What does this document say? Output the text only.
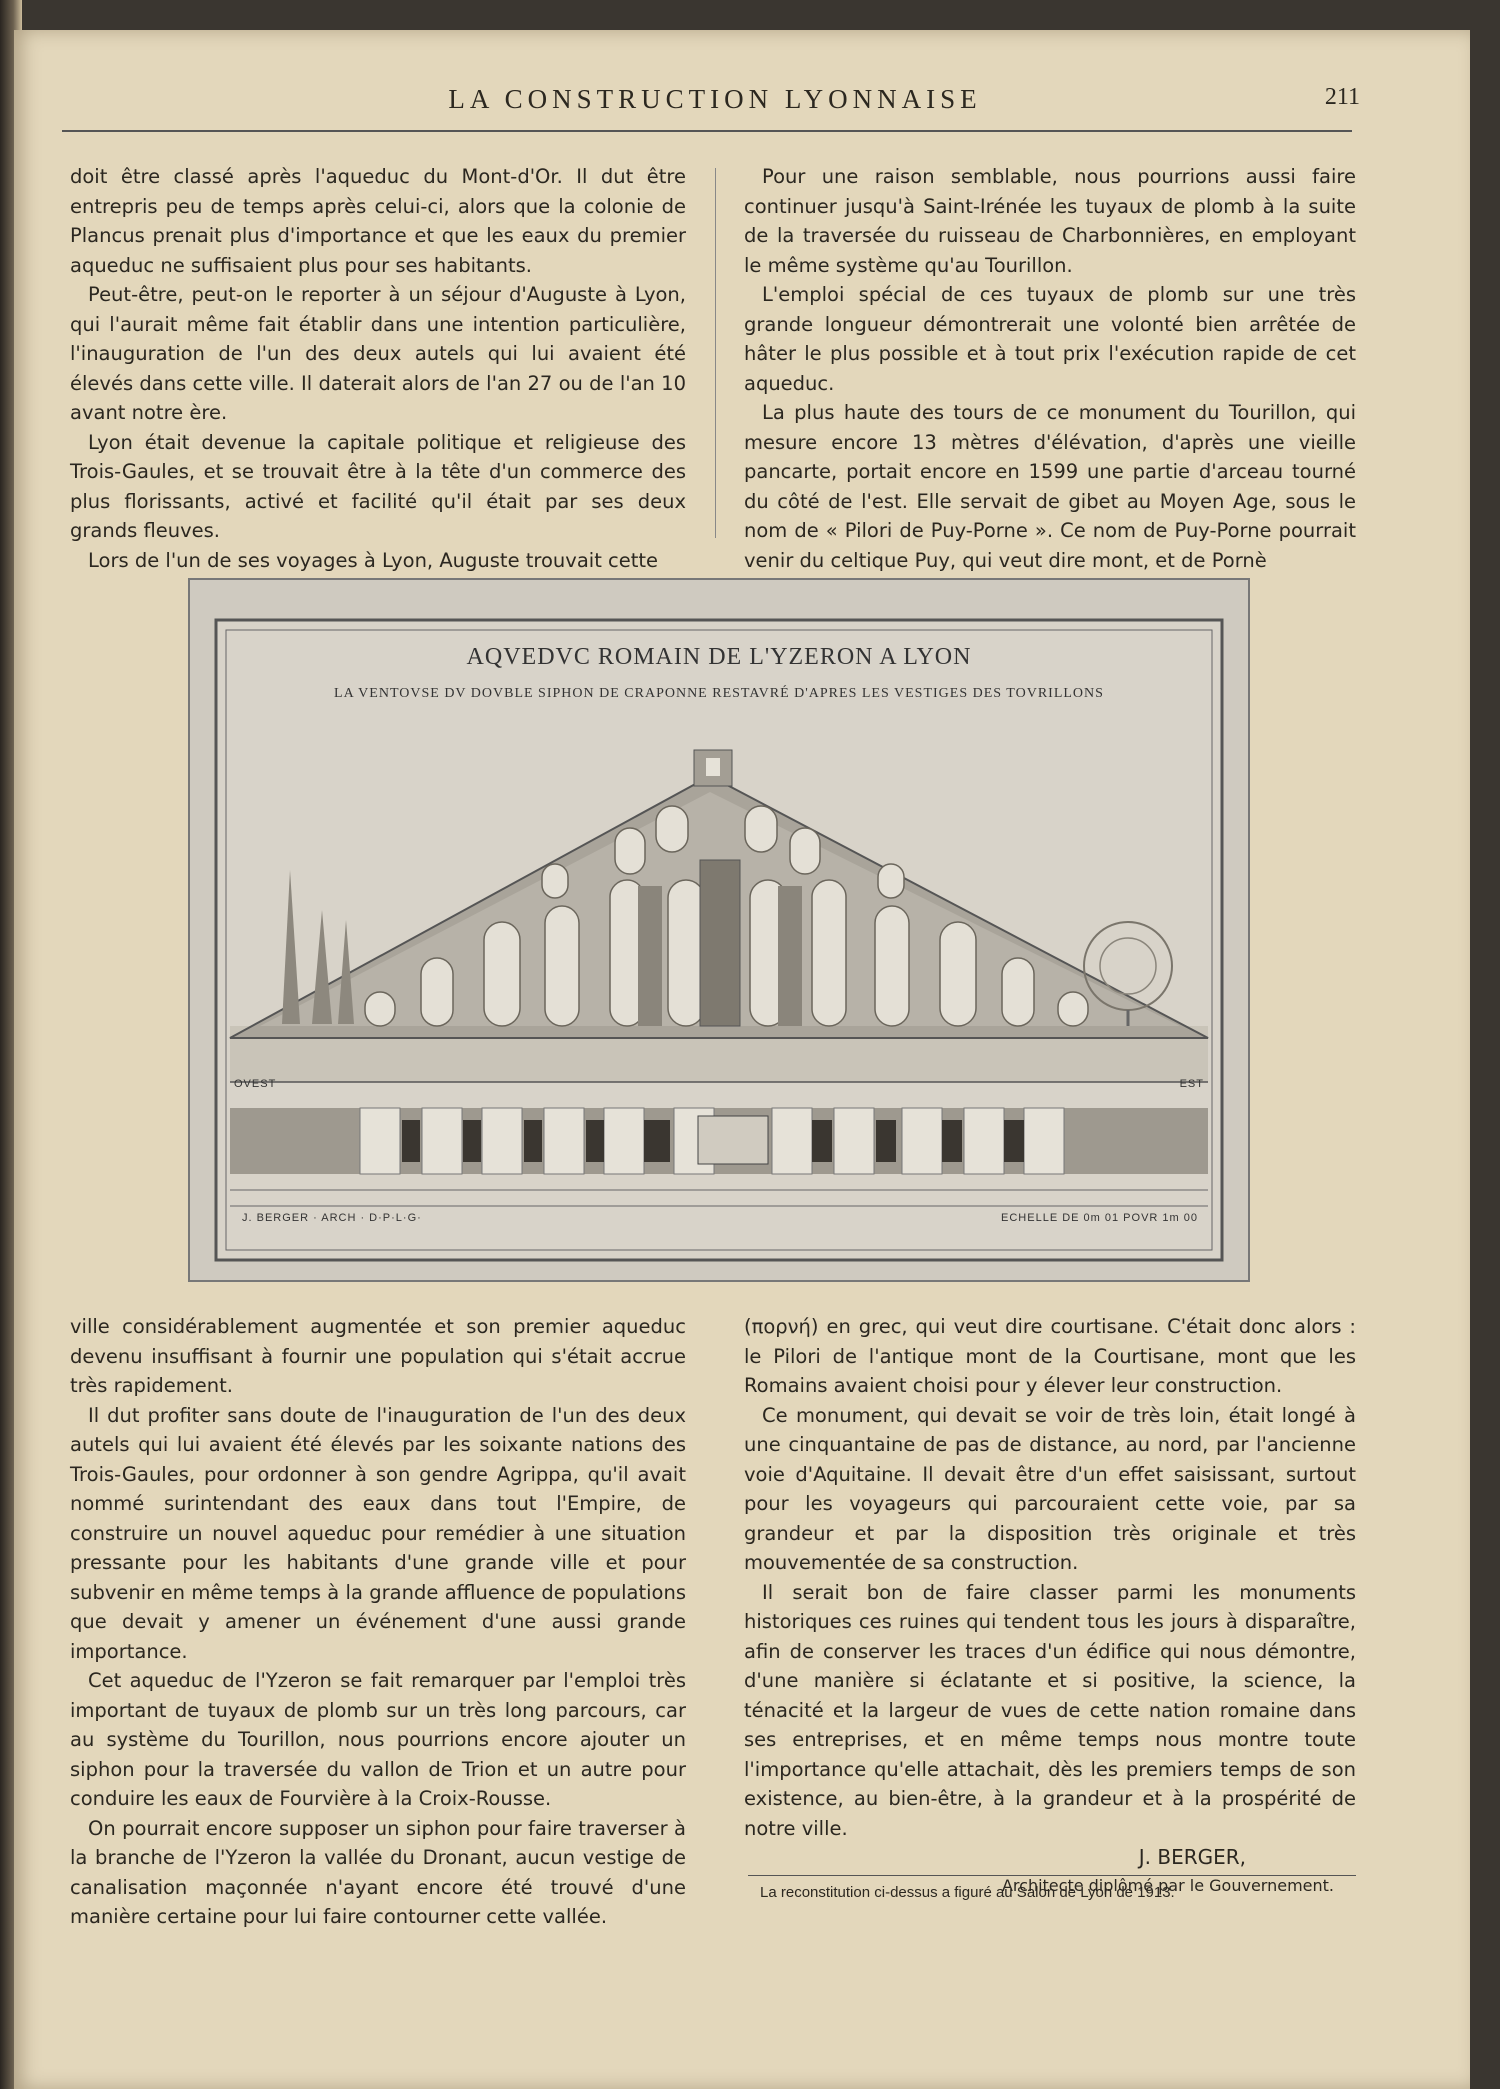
LA CONSTRUCTION LYONNAISE	211

doit être classé après l'aqueduc du Mont-d'Or. Il dut être entrepris peu de temps après celui-ci, alors que la colonie de Plancus prenait plus d'importance et que les eaux du premier aqueduc ne suffisaient plus pour ses habitants.

Peut-être, peut-on le reporter à un séjour d'Auguste à Lyon, qui l'aurait même fait établir dans une intention particulière, l'inauguration de l'un des deux autels qui lui avaient été élevés dans cette ville. Il daterait alors de l'an 27 ou de l'an 10 avant notre ère.

Lyon était devenue la capitale politique et religieuse des Trois-Gaules, et se trouvait être à la tête d'un commerce des plus florissants, activé et facilité qu'il était par ses deux grands fleuves.

Lors de l'un de ses voyages à Lyon, Auguste trouvait cette

Pour une raison semblable, nous pourrions aussi faire continuer jusqu'à Saint-Irénée les tuyaux de plomb à la suite de la traversée du ruisseau de Charbonnières, en employant le même système qu'au Tourillon.

L'emploi spécial de ces tuyaux de plomb sur une très grande longueur démontrerait une volonté bien arrêtée de hâter le plus possible et à tout prix l'exécution rapide de cet aqueduc.

La plus haute des tours de ce monument du Tourillon, qui mesure encore 13 mètres d'élévation, d'après une vieille pancarte, portait encore en 1599 une partie d'arceau tourné du côté de l'est. Elle servait de gibet au Moyen Age, sous le nom de « Pilori de Puy-Porne ». Ce nom de Puy-Porne pourrait venir du celtique Puy, qui veut dire mont, et de Pornè

AQVEDVC ROMAIN DE L'YZERON A LYON
LA VENTOVSE DV DOVBLE SIPHON DE CRAPONNE RESTAVRÉ D'APRES LES VESTIGES DES TOVRILLONS
OVEST	EST
J. BERGER · ARCH · D·P·L·G·	ECHELLE DE 0m 01 POVR 1m 00

ville considérablement augmentée et son premier aqueduc devenu insuffisant à fournir une population qui s'était accrue très rapidement.

Il dut profiter sans doute de l'inauguration de l'un des deux autels qui lui avaient été élevés par les soixante nations des Trois-Gaules, pour ordonner à son gendre Agrippa, qu'il avait nommé surintendant des eaux dans tout l'Empire, de construire un nouvel aqueduc pour remédier à une situation pressante pour les habitants d'une grande ville et pour subvenir en même temps à la grande affluence de populations que devait y amener un événement d'une aussi grande importance.

Cet aqueduc de l'Yzeron se fait remarquer par l'emploi très important de tuyaux de plomb sur un très long parcours, car au système du Tourillon, nous pourrions encore ajouter un siphon pour la traversée du vallon de Trion et un autre pour conduire les eaux de Fourvière à la Croix-Rousse.

On pourrait encore supposer un siphon pour faire traverser à la branche de l'Yzeron la vallée du Dronant, aucun vestige de canalisation maçonnée n'ayant encore été trouvé d'une manière certaine pour lui faire contourner cette vallée.

(πορνή) en grec, qui veut dire courtisane. C'était donc alors : le Pilori de l'antique mont de la Courtisane, mont que les Romains avaient choisi pour y élever leur construction.

Ce monument, qui devait se voir de très loin, était longé à une cinquantaine de pas de distance, au nord, par l'ancienne voie d'Aquitaine. Il devait être d'un effet saisissant, surtout pour les voyageurs qui parcouraient cette voie, par sa grandeur et par la disposition très originale et très mouvementée de sa construction.

Il serait bon de faire classer parmi les monuments historiques ces ruines qui tendent tous les jours à disparaître, afin de conserver les traces d'un édifice qui nous démontre, d'une manière si éclatante et si positive, la science, la ténacité et la largeur de vues de cette nation romaine dans ses entreprises, et en même temps nous montre toute l'importance qu'elle attachait, dès les premiers temps de son existence, au bien-être, à la grandeur et à la prospérité de notre ville.

J. BERGER,
Architecte diplômé par le Gouvernement.
La reconstitution ci-dessus a figuré au Salon de Lyon de 1913.
